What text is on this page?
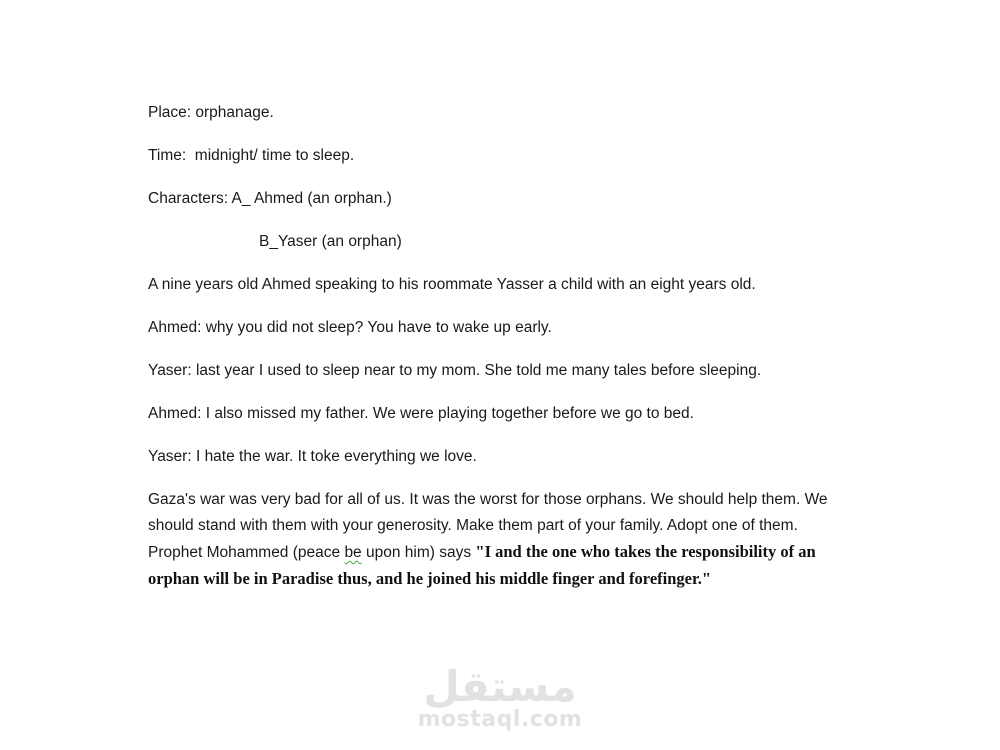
Place: orphanage.

Time:  midnight/ time to sleep.

Characters: A_ Ahmed (an orphan.)

B_Yaser (an orphan)

A nine years old Ahmed speaking to his roommate Yasser a child with an eight years old.

Ahmed: why you did not sleep? You have to wake up early.

Yaser: last year I used to sleep near to my mom. She told me many tales before sleeping.

Ahmed: I also missed my father. We were playing together before we go to bed.

Yaser: I hate the war. It toke everything we love.

Gaza's war was very bad for all of us. It was the worst for those orphans. We should help them. We should stand with them with your generosity. Make them part of your family. Adopt one of them. Prophet Mohammed (peace be upon him) says "I and the one who takes the responsibility of an orphan will be in Paradise thus, and he joined his middle finger and forefinger."

مستقل
mostaql.com
